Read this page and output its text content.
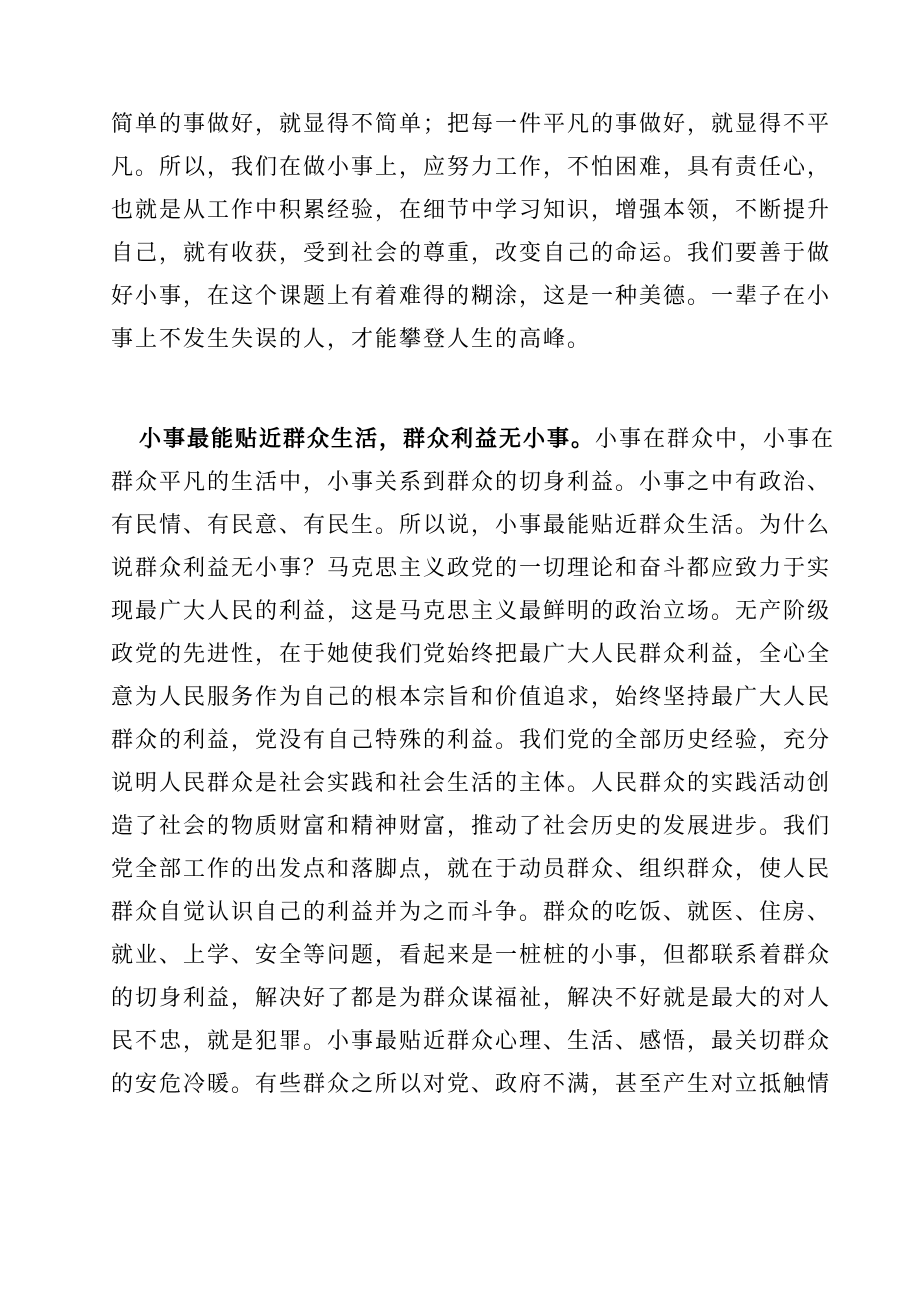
简单的事做好，就显得不简单；把每一件平凡的事做好，就显得不平
凡。所以，我们在做小事上，应努力工作，不怕困难，具有责任心，
也就是从工作中积累经验，在细节中学习知识，增强本领，不断提升
自己，就有收获，受到社会的尊重，改变自己的命运。我们要善于做
好小事，在这个课题上有着难得的糊涂，这是一种美德。一辈子在小
事上不发生失误的人，才能攀登人生的高峰。
小事最能贴近群众生活，群众利益无小事。小事在群众中，小事在
群众平凡的生活中，小事关系到群众的切身利益。小事之中有政治、
有民情、有民意、有民生。所以说，小事最能贴近群众生活。为什么
说群众利益无小事？马克思主义政党的一切理论和奋斗都应致力于实
现最广大人民的利益，这是马克思主义最鲜明的政治立场。无产阶级
政党的先进性，在于她使我们党始终把最广大人民群众利益，全心全
意为人民服务作为自己的根本宗旨和价值追求，始终坚持最广大人民
群众的利益，党没有自己特殊的利益。我们党的全部历史经验，充分
说明人民群众是社会实践和社会生活的主体。人民群众的实践活动创
造了社会的物质财富和精神财富，推动了社会历史的发展进步。我们
党全部工作的出发点和落脚点，就在于动员群众、组织群众，使人民
群众自觉认识自己的利益并为之而斗争。群众的吃饭、就医、住房、
就业、上学、安全等问题，看起来是一桩桩的小事，但都联系着群众
的切身利益，解决好了都是为群众谋福祉，解决不好就是最大的对人
民不忠，就是犯罪。小事最贴近群众心理、生活、感悟，最关切群众
的安危冷暖。有些群众之所以对党、政府不满，甚至产生对立抵触情
